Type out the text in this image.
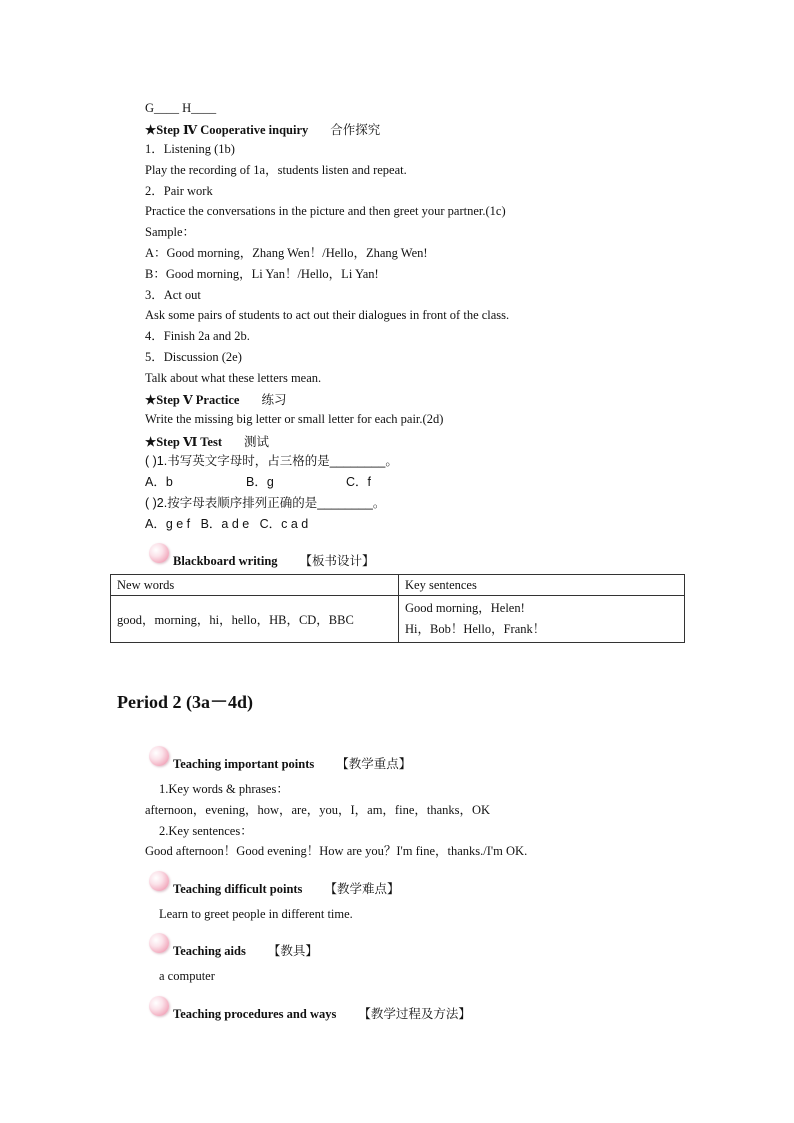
G____ H____
★Step Ⅳ Cooperative inquiry 合作探究
1．Listening (1b)
Play the recording of 1a，students listen and repeat.
2．Pair work
Practice the conversations in the picture and then greet your partner.(1c)
Sample：
A：Good morning，Zhang Wen！/Hello，Zhang Wen!
B：Good morning，Li Yan！/Hello，Li Yan!
3．Act out
Ask some pairs of students to act out their dialogues in front of the class.
4．Finish 2a and 2b.
5．Discussion (2e)
Talk about what these letters mean.
★Step Ⅴ Practice 练习
Write the missing big letter or small letter for each pair.(2d)
★Step Ⅵ Test 测试
( )1.书写英文字母时，占三格的是________。
A．b	B．g	C．f
( )2.按字母表顺序排列正确的是________。
A．g e f   B．a d e   C．c a d
Blackboard writing 【板书设计】
New words	Key sentences
good，morning，hi，hello，HB，CD，BBC	Good morning，Helen!
Hi，Bob！Hello，Frank！
Period 2 (3a－4d)
Teaching important points 【教学重点】
1.Key words & phrases：
afternoon，evening，how，are，you，I，am，fine，thanks，OK
2.Key sentences：
Good afternoon！Good evening！How are you？I'm fine，thanks./I'm OK.
Teaching difficult points 【教学难点】
Learn to greet people in different time.
Teaching aids 【教具】
a computer
Teaching procedures and ways 【教学过程及方法】
